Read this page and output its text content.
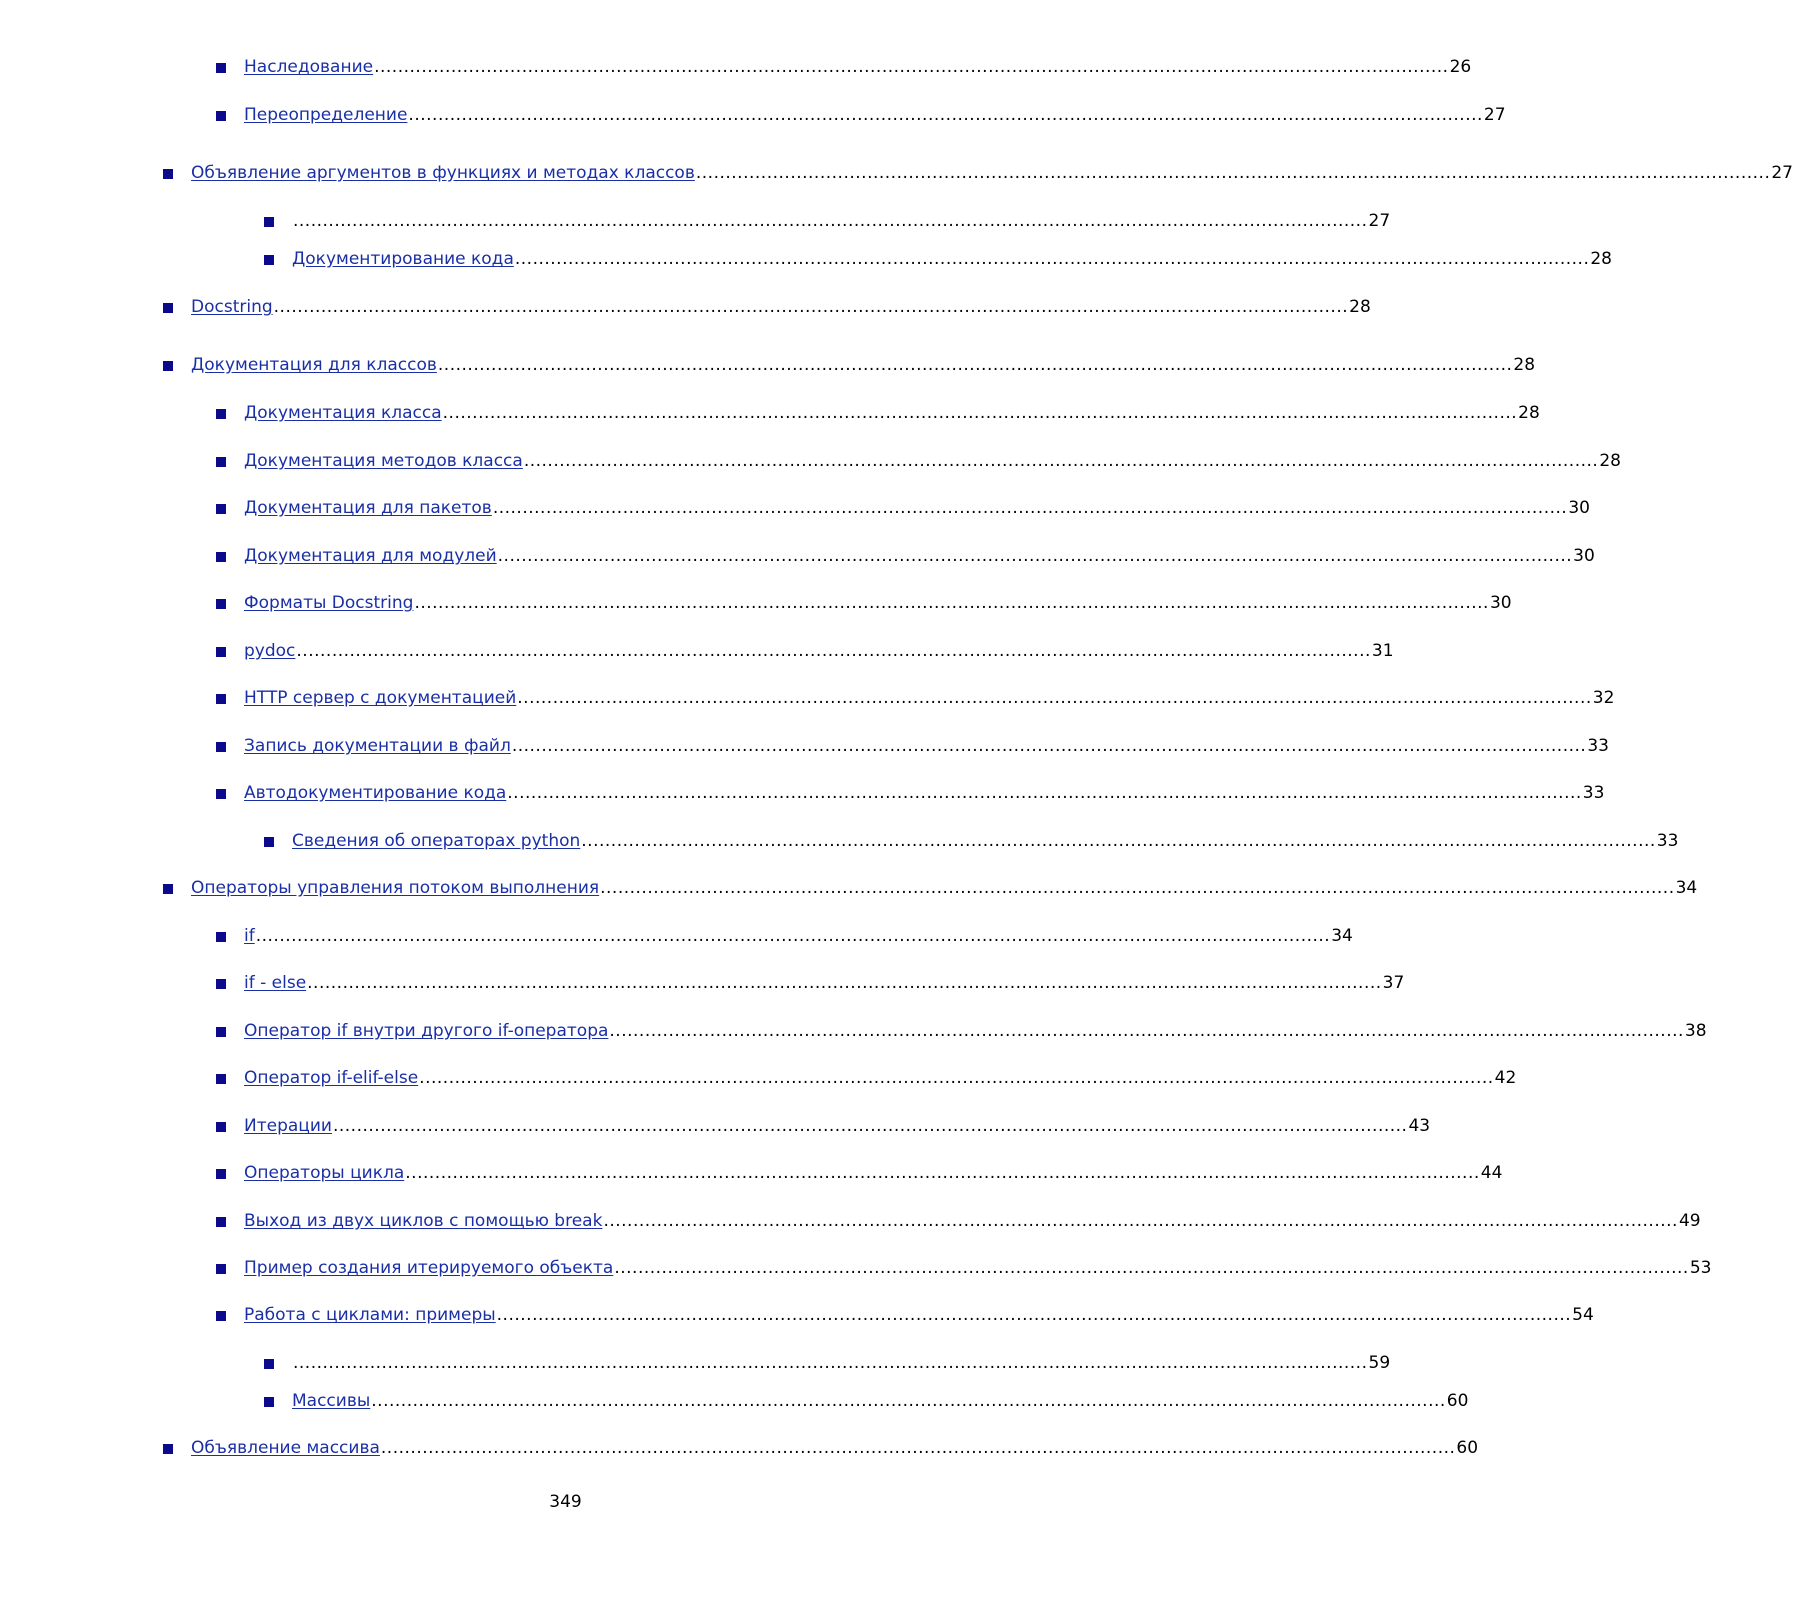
Наследование ...................................................................................................................................................................................... 26
Переопределение ...................................................................................................................................................................................... 27
Объявление аргументов в функциях и методах классов ...................................................................................................................................................................................... 27
...................................................................................................................................................................................... 27
Документирование кода ...................................................................................................................................................................................... 28
Docstring ...................................................................................................................................................................................... 28
Документация для классов ...................................................................................................................................................................................... 28
Документация класса ...................................................................................................................................................................................... 28
Документация методов класса ...................................................................................................................................................................................... 28
Документация для пакетов ...................................................................................................................................................................................... 30
Документация для модулей ...................................................................................................................................................................................... 30
Форматы Docstring ...................................................................................................................................................................................... 30
pydoc ...................................................................................................................................................................................... 31
HTTP сервер с документацией ...................................................................................................................................................................................... 32
Запись документации в файл ...................................................................................................................................................................................... 33
Автодокументирование кода ...................................................................................................................................................................................... 33
Сведения об операторах python ...................................................................................................................................................................................... 33
Операторы управления потоком выполнения ...................................................................................................................................................................................... 34
if ...................................................................................................................................................................................... 34
if - else ...................................................................................................................................................................................... 37
Оператор if внутри другого if-оператора ...................................................................................................................................................................................... 38
Оператор if-elif-else ...................................................................................................................................................................................... 42
Итерации ...................................................................................................................................................................................... 43
Операторы цикла ...................................................................................................................................................................................... 44
Выход из двух циклов с помощью break ...................................................................................................................................................................................... 49
Пример создания итерируемого объекта ...................................................................................................................................................................................... 53
Работа с циклами: примеры ...................................................................................................................................................................................... 54
...................................................................................................................................................................................... 59
Массивы ...................................................................................................................................................................................... 60
Объявление массива ...................................................................................................................................................................................... 60
349
